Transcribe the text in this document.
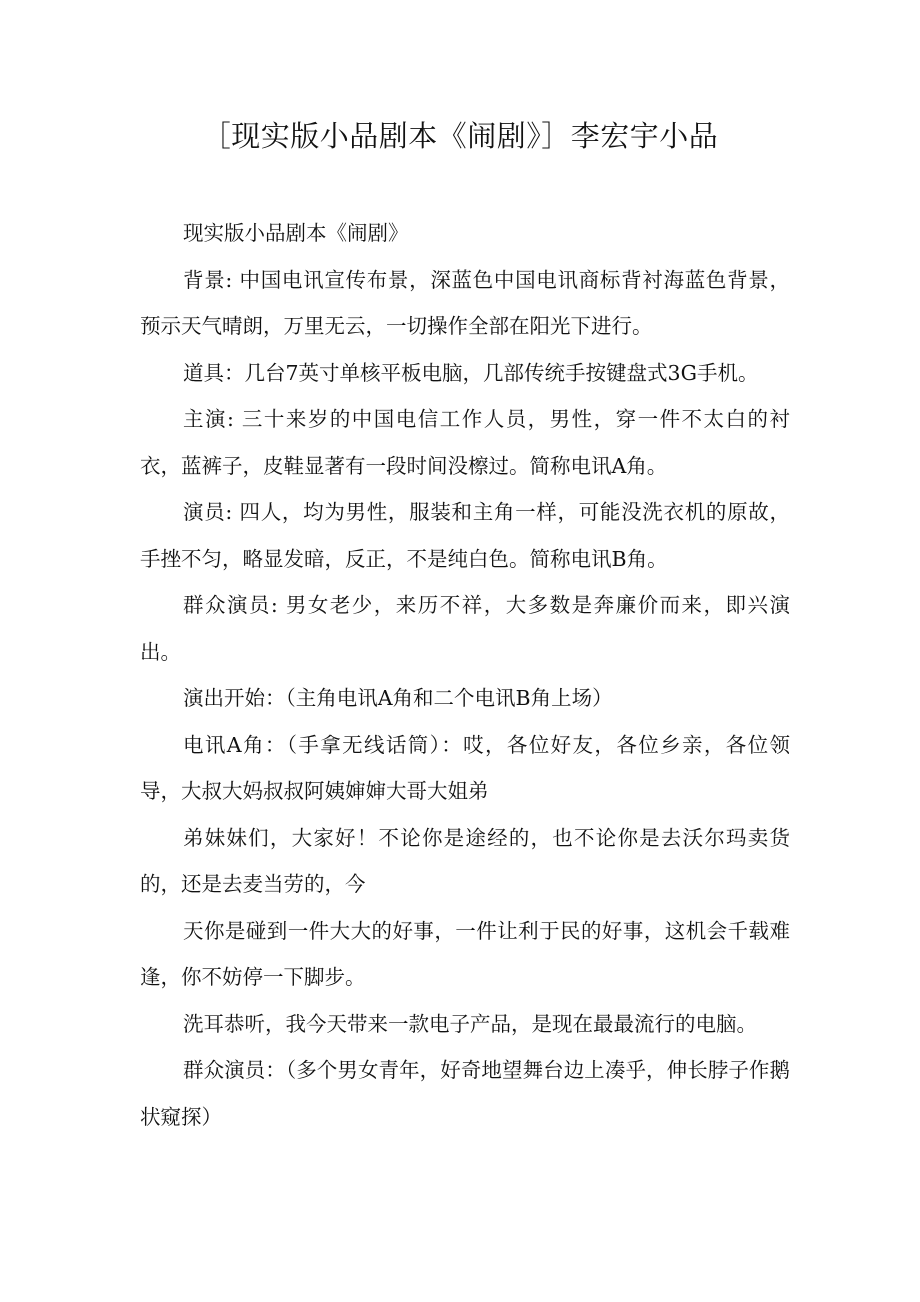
［现实版小品剧本《闹剧》］李宏宇小品

现实版小品剧本《闹剧》

背景: 中国电讯宣传布景，深蓝色中国电讯商标背衬海蓝色背景，预示天气晴朗，万里无云，一切操作全部在阳光下进行。

道具：几台7英寸单核平板电脑，几部传统手按键盘式3G手机。

主演: 三十来岁的中国电信工作人员，男性，穿一件不太白的衬衣，蓝裤子，皮鞋显著有一段时间没檫过。简称电讯A角。

演员: 四人，均为男性，服装和主角一样，可能没洗衣机的原故，手挫不匀，略显发暗，反正，不是纯白色。简称电讯B角。

群众演员: 男女老少，来历不祥，大多数是奔廉价而来，即兴演出。

演出开始：（主角电讯A角和二个电讯B角上场）

电讯A角：（手拿无线话筒）：哎，各位好友，各位乡亲，各位领导，大叔大妈叔叔阿姨婶婶大哥大姐弟

弟妹妹们，大家好！不论你是途经的，也不论你是去沃尔玛卖货的，还是去麦当劳的，今

天你是碰到一件大大的好事，一件让利于民的好事，这机会千载难逢，你不妨停一下脚步。

洗耳恭听，我今天带来一款电子产品，是现在最最流行的电脑。

群众演员：（多个男女青年，好奇地望舞台边上凑乎，伸长脖子作鹅状窥探）
